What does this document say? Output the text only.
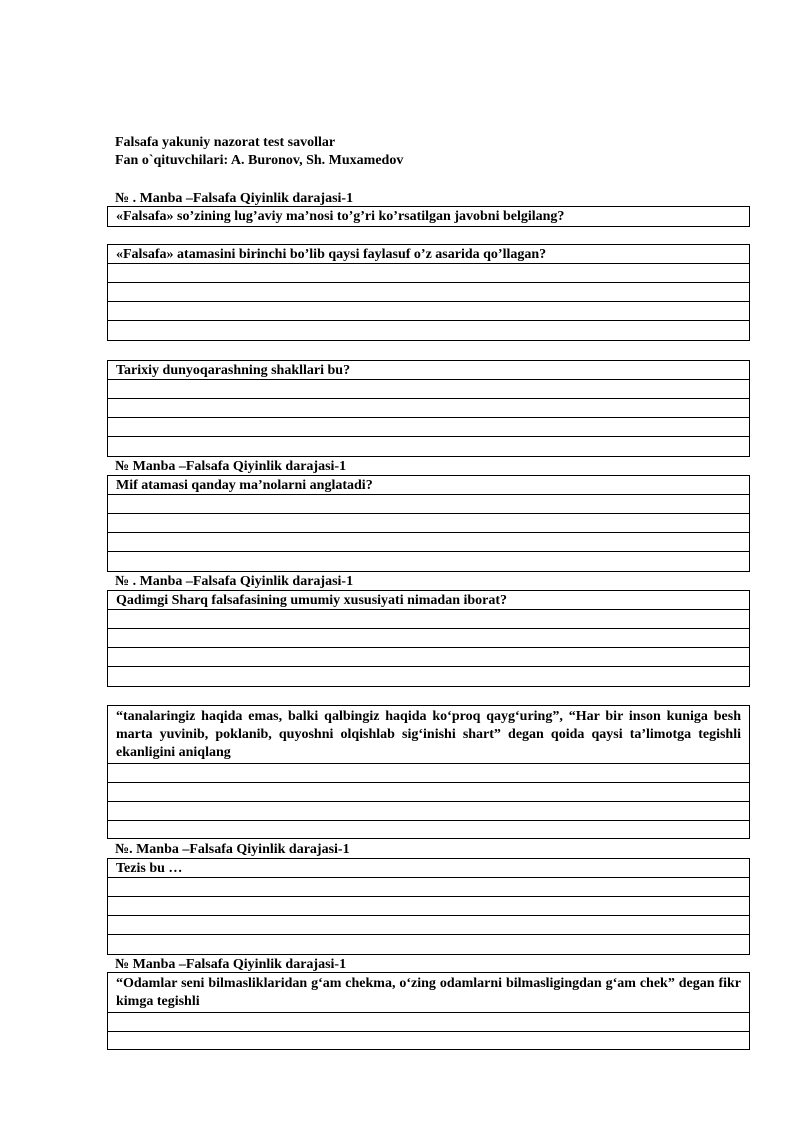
Falsafa yakuniy nazorat test savollar
Fan o`qituvchilari: A. Buronov, Sh. Muxamedov
№ . Manba –Falsafa Qiyinlik darajasi-1
«Falsafa» so’zining lug’aviy ma’nosi to’g’ri ko’rsatilgan javobni belgilang?
«Falsafa» atamasini birinchi bo’lib qaysi faylasuf o’z asarida qo’llagan?
Tarixiy dunyoqarashning shakllari bu?
№ Manba –Falsafa Qiyinlik darajasi-1
Mif atamasi qanday ma’nolarni anglatadi?
№ . Manba –Falsafa Qiyinlik darajasi-1
Qadimgi Sharq falsafasining umumiy xususiyati nimadan iborat?
“tanalaringiz haqida emas, balki qalbingiz haqida ko‘proq qayg‘uring”, “Har bir inson kuniga besh marta yuvinib, poklanib, quyoshni olqishlab sig‘inishi shart” degan qoida qaysi ta’limotga tegishli ekanligini aniqlang
№. Manba –Falsafa Qiyinlik darajasi-1
Tezis bu …
№ Manba –Falsafa Qiyinlik darajasi-1
“Odamlar seni bilmasliklaridan g‘am chekma, o‘zing odamlarni bilmasligingdan g‘am chek” degan fikr kimga tegishli
